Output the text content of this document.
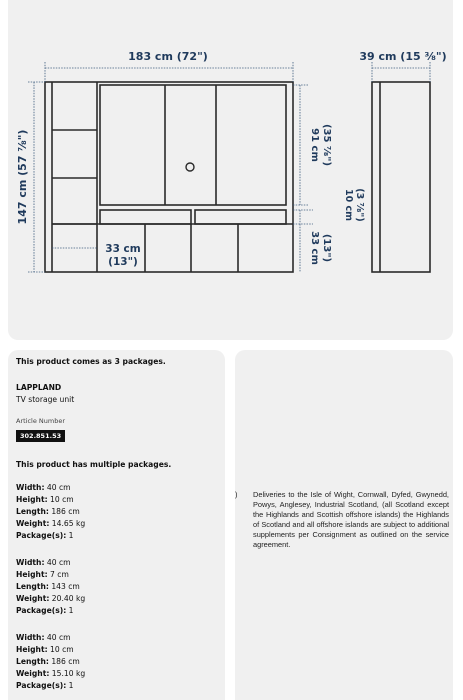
183 cm (72")	39 cm (15 ⅜")
147 cm (57 ⅞")	91 cm (35 ⅞")
10 cm (3 ⅞")
33 cm (13")
33 cm
(13")
This product comes as 3 packages.
LAPPLAND
TV storage unit
Article Number
302.851.53
This product has multiple packages.
Width: 40 cm
Height: 10 cm
Length: 186 cm
Weight: 14.65 kg
Package(s): 1
Width: 40 cm
Height: 7 cm
Length: 143 cm
Weight: 20.40 kg
Package(s): 1
Width: 40 cm
Height: 10 cm
Length: 186 cm
Weight: 15.10 kg
Package(s): 1
) Deliveries to the Isle of Wight, Cornwall, Dyfed, Gwynedd, Powys, Anglesey, Industrial Scotland, (all Scotland except the Highlands and Scottish offshore islands) the Highlands of Scotland and all offshore islands are subject to additional supplements per Consignment as outlined on the service agreement.
